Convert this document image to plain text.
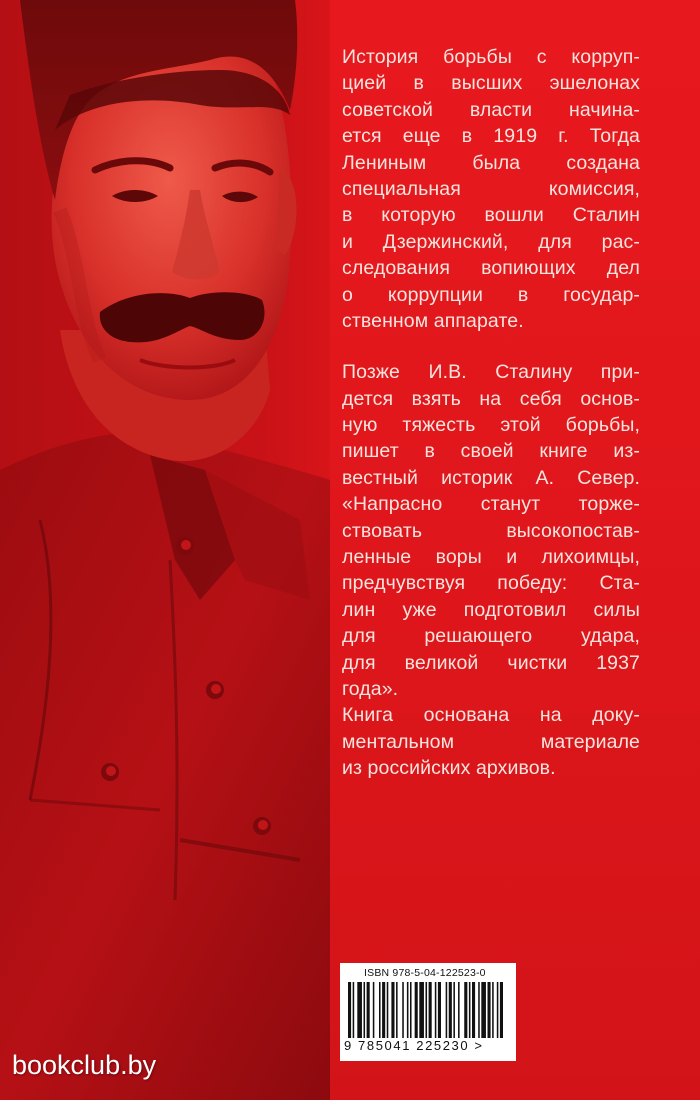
История борьбы с корруп-
цией в высших эшелонах
советской власти начина-
ется еще в 1919 г. Тогда
Лениным была создана
специальная комиссия,
в которую вошли Сталин
и Дзержинский, для рас-
следования вопиющих дел
о коррупции в государ-
ственном аппарате.
Позже И.В. Сталину при-
дется взять на себя основ-
ную тяжесть этой борьбы,
пишет в своей книге из-
вестный историк А. Север.
«Напрасно станут торже-
ствовать высокопостав-
ленные воры и лихоимцы,
предчувствуя победу: Ста-
лин уже подготовил силы
для решающего удара,
для великой чистки 1937
года».
Книга основана на доку-
ментальном материале
из российских архивов.
ISBN 978-5-04-122523-0
9 785041 225230 >
bookclub.by
